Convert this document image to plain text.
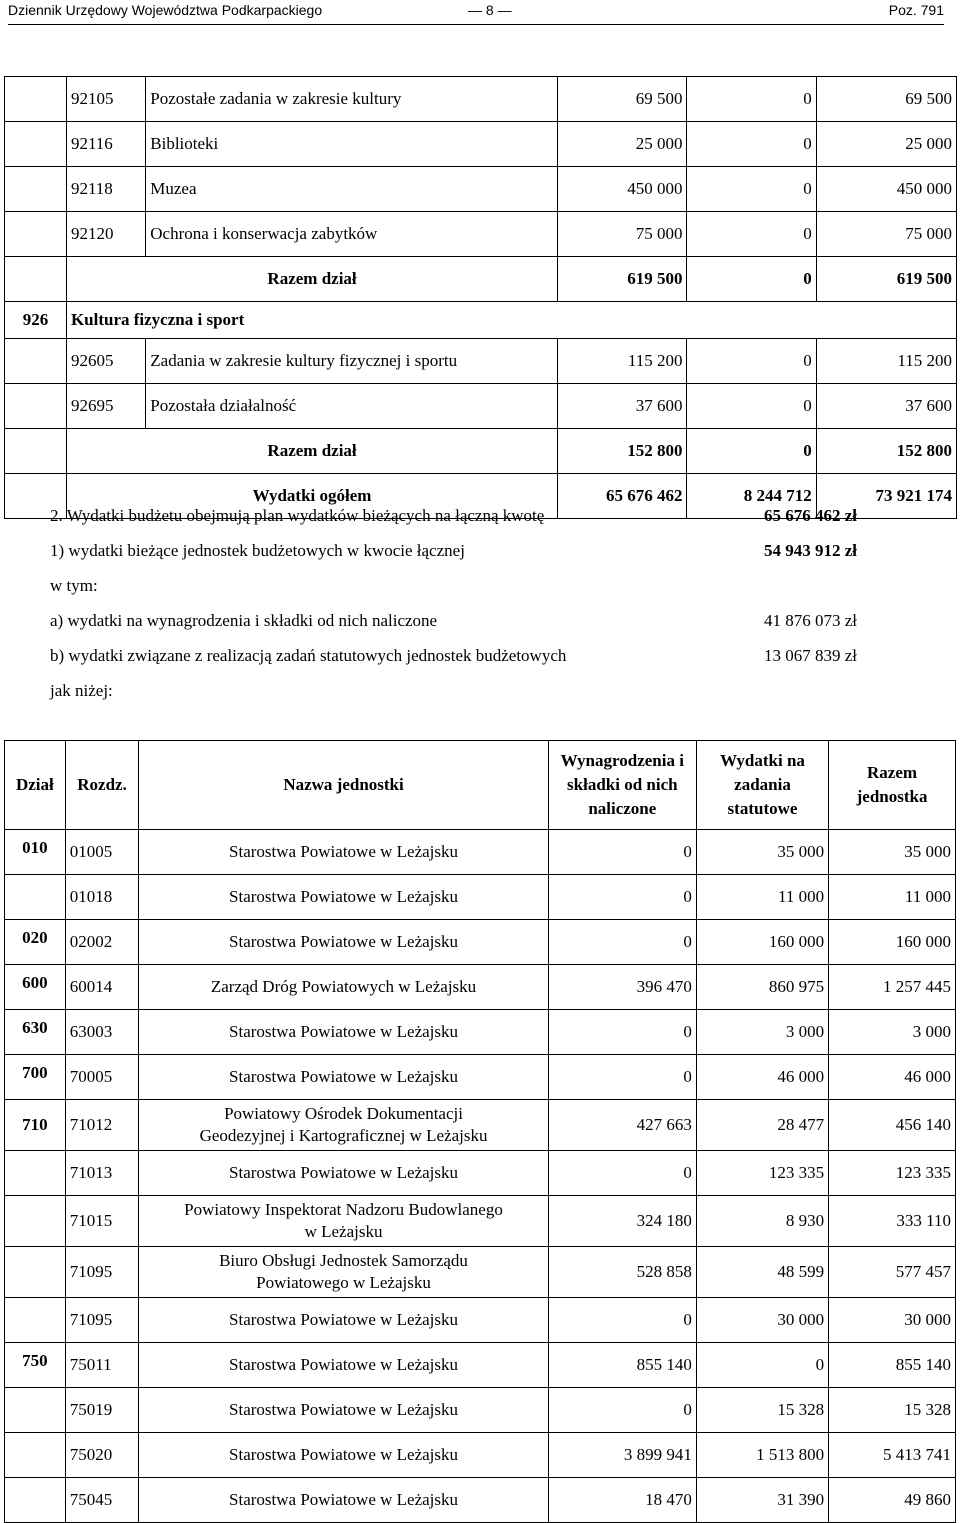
Dziennik Urzędowy Województwa Podkarpackiego	— 8 —	Poz. 791
	92105	Pozostałe zadania w zakresie kultury	69 500	0	69 500
	92116	Biblioteki	25 000	0	25 000
	92118	Muzea	450 000	0	450 000
	92120	Ochrona i konserwacja zabytków	75 000	0	75 000
	Razem dział		619 500	0	619 500
926	Kultura fizyczna i sport				
	92605	Zadania w zakresie kultury fizycznej i sportu	115 200	0	115 200
	92695	Pozostała działalność	37 600	0	37 600
	Razem dział		152 800	0	152 800
	Wydatki ogółem		65 676 462	8 244 712	73 921 174
2. Wydatki budżetu obejmują plan wydatków bieżących na łączną kwotę	65 676 462 zł
1) wydatki bieżące jednostek budżetowych w kwocie łącznej	54 943 912 zł
w tym:
a) wydatki na wynagrodzenia i składki od nich naliczone	41 876 073 zł
b) wydatki związane z realizacją zadań statutowych jednostek budżetowych	13 067 839 zł
jak niżej:
Dział	Rozdz.	Nazwa jednostki	Wynagrodzenia i składki od nich naliczone	Wydatki na zadania statutowe	Razem jednostka
010	01005	Starostwa Powiatowe w Leżajsku	0	35 000	35 000
	01018	Starostwa Powiatowe w Leżajsku	0	11 000	11 000
020	02002	Starostwa Powiatowe w Leżajsku	0	160 000	160 000
600	60014	Zarząd Dróg Powiatowych w Leżajsku	396 470	860 975	1 257 445
630	63003	Starostwa Powiatowe w Leżajsku	0	3 000	3 000
700	70005	Starostwa Powiatowe w Leżajsku	0	46 000	46 000
710	71012	Powiatowy Ośrodek Dokumentacji
Geodezyjnej i Kartograficznej w Leżajsku	427 663	28 477	456 140
	71013	Starostwa Powiatowe w Leżajsku	0	123 335	123 335
	71015	Powiatowy Inspektorat Nadzoru Budowlanego
w Leżajsku	324 180	8 930	333 110
	71095	Biuro Obsługi Jednostek Samorządu
Powiatowego w Leżajsku	528 858	48 599	577 457
	71095	Starostwa Powiatowe w Leżajsku	0	30 000	30 000
750	75011	Starostwa Powiatowe w Leżajsku	855 140	0	855 140
	75019	Starostwa Powiatowe w Leżajsku	0	15 328	15 328
	75020	Starostwa Powiatowe w Leżajsku	3 899 941	1 513 800	5 413 741
	75045	Starostwa Powiatowe w Leżajsku	18 470	31 390	49 860
